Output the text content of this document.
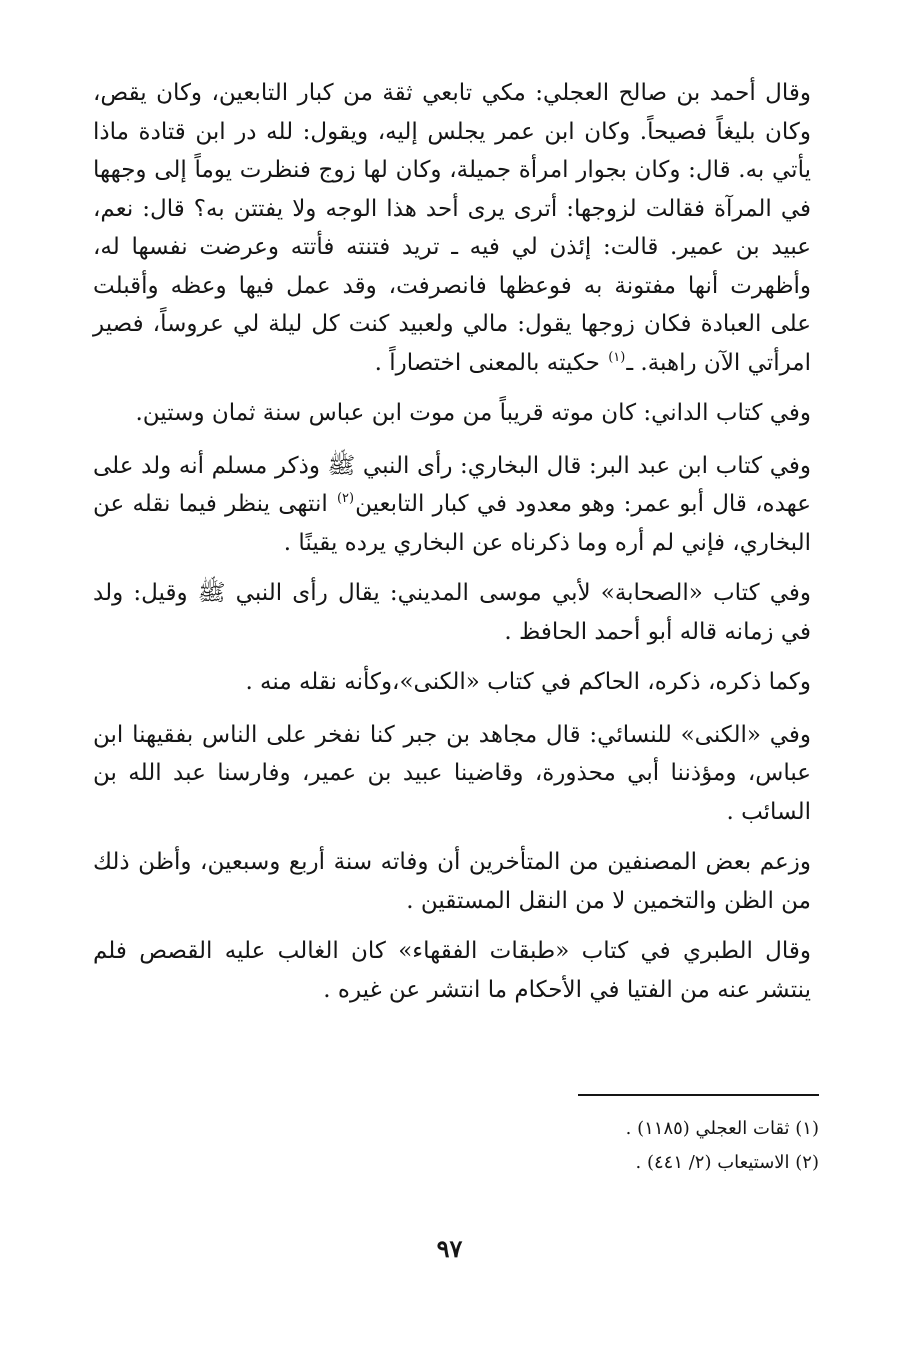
وقال أحمد بن صالح العجلي: مكي تابعي ثقة من كبار التابعين، وكان يقص، وكان بليغاً فصيحاً. وكان ابن عمر يجلس إليه، ويقول: لله در ابن قتادة ماذا يأتي به. قال: وكان بجوار امرأة جميلة، وكان لها زوج فنظرت يوماً إلى وجهها في المرآة فقالت لزوجها: أترى يرى أحد هذا الوجه ولا يفتتن به؟ قال: نعم، عبيد بن عمير. قالت: إئذن لي فيه ـ تريد فتنته فأتته وعرضت نفسها له، وأظهرت أنها مفتونة به فوعظها فانصرفت، وقد عمل فيها وعظه وأقبلت على العبادة فكان زوجها يقول: مالي ولعبيد كنت كل ليلة لي عروساً، فصير امرأتي الآن راهبة. ـ$^{(١)}$ حكيته بالمعنى اختصاراً .

وفي كتاب الداني: كان موته قريباً من موت ابن عباس سنة ثمان وستين.

وفي كتاب ابن عبد البر: قال البخاري: رأى النبي ﷺ وذكر مسلم أنه ولد على عهده، قال أبو عمر: وهو معدود في كبار التابعين$^{(٢)}$ انتهى ينظر فيما نقله عن البخاري، فإني لم أره وما ذكرناه عن البخاري يرده يقينًا .

وفي كتاب «الصحابة» لأبي موسى المديني: يقال رأى النبي ﷺ وقيل: ولد في زمانه قاله أبو أحمد الحافظ .

وكما ذكره، ذكره، الحاكم في كتاب «الكنى»،وكأنه نقله منه .

وفي «الكنى» للنسائي: قال مجاهد بن جبر كنا نفخر على الناس بفقيهنا ابن عباس، ومؤذننا أبي محذورة، وقاضينا عبيد بن عمير، وفارسنا عبد الله بن السائب .

وزعم بعض المصنفين من المتأخرين أن وفاته سنة أربع وسبعين، وأظن ذلك من الظن والتخمين لا من النقل المستقين .

وقال الطبري في كتاب «طبقات الفقهاء» كان الغالب عليه القصص فلم ينتشر عنه من الفتيا في الأحكام ما انتشر عن غيره .

(١) ثقات العجلي (١١٨٥) .

(٢) الاستيعاب (٢/ ٤٤١) .

٩٧
